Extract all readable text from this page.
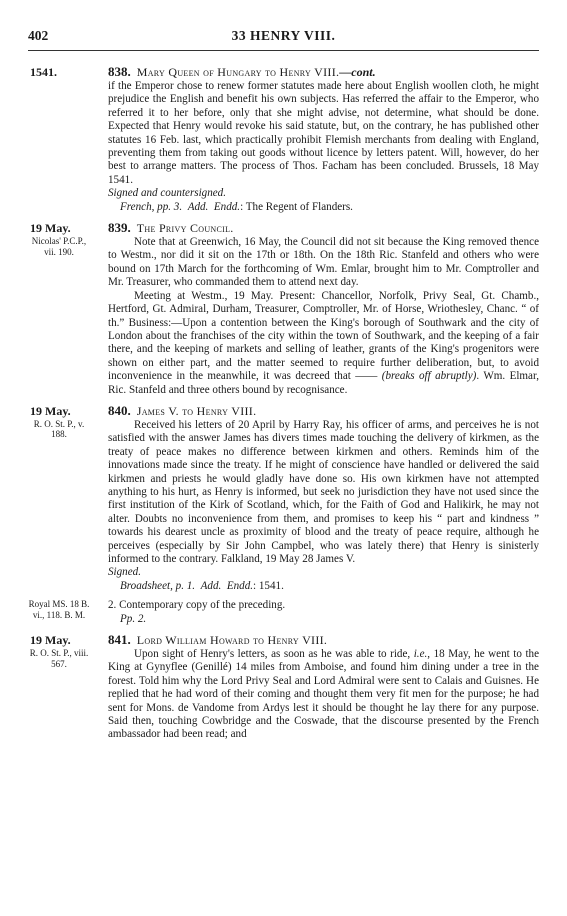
402	33 HENRY VIII.
1541.	838. Mary Queen of Hungary to Henry VIII.—cont.

if the Emperor chose to renew former statutes made here about English woollen cloth, he might prejudice the English and benefit his own subjects. Has referred the affair to the Emperor, who referred it to her before, only that she might advise, not determine, what should be done. Expected that Henry would revoke his said statute, but, on the contrary, he has published other statutes 16 Feb. last, which practically prohibit Flemish merchants from dealing with England, preventing them from taking out goods without licence by letters patent. Will, however, do her best to arrange matters. The process of Thos. Facham has been concluded. Brussels, 18 May 1541.

Signed and countersigned.

French, pp. 3. Add. Endd.: The Regent of Flanders.

19 May.
Nicolas' P.C.P., vii. 190.
839. The Privy Council.

Note that at Greenwich, 16 May, the Council did not sit because the King removed thence to Westm., nor did it sit on the 17th or 18th. On the 18th Ric. Stanfeld and others who were bound on 17th March for the forthcoming of Wm. Emlar, brought him to Mr. Comptroller and Mr. Treasurer, who commanded them to attend next day.

Meeting at Westm., 19 May. Present: Chancellor, Norfolk, Privy Seal, Gt. Chamb., Hertford, Gt. Admiral, Durham, Treasurer, Comptroller, Mr. of Horse, Wriothesley, Chanc. “ of th.” Business:—Upon a contention between the King's borough of Southwark and the city of London about the franchises of the city within the town of Southwark, and the keeping of a fair there, and the keeping of markets and selling of leather, grants of the King's progenitors were shown on either part, and the matter seemed to require further deliberation, but, to avoid inconvenience in the meanwhile, it was decreed that —— (breaks off abruptly). Wm. Elmar, Ric. Stanfeld and three others bound by recognisance.

19 May.
R. O. St. P., v. 188.
840. James V. to Henry VIII.

Received his letters of 20 April by Harry Ray, his officer of arms, and perceives he is not satisfied with the answer James has divers times made touching the delivery of kirkmen, as the treaty of peace makes no difference between kirkmen and others. Reminds him of the innovations made since the treaty. If he might of conscience have handled or delivered the said kirkmen and priests he would gladly have done so. His own kirkmen have not attempted anything to his hurt, as Henry is informed, but seek no jurisdiction they have not used since the first institution of the Kirk of Scotland, which, for the Faith of God and Halikirk, he may not alter. Doubts no inconvenience from them, and promises to keep his “ part and kindness ” towards his dearest uncle as proximity of blood and the treaty of peace require, although he perceives (especially by Sir John Campbel, who was lately there) that Henry is sinisterly informed to the contrary. Falkland, 19 May 28 James V.

Signed.

Broadsheet, p. 1. Add. Endd.: 1541.

Royal MS. 18 B. vi., 118. B. M.

2. Contemporary copy of the preceding.

Pp. 2.

19 May.
R. O. St. P., viii. 567.
841. Lord William Howard to Henry VIII.

Upon sight of Henry's letters, as soon as he was able to ride, i.e., 18 May, he went to the King at Gynyflee (Genillé) 14 miles from Amboise, and found him dining under a tree in the forest. Told him why the Lord Privy Seal and Lord Admiral were sent to Calais and Guisnes. He replied that he had word of their coming and thought them very fit men for the purpose; he had sent for Mons. de Vandome from Ardys lest it should be thought he lay there for any purpose. Said then, touching Cowbridge and the Coswade, that the discourse presented by the French ambassador had been read; and
